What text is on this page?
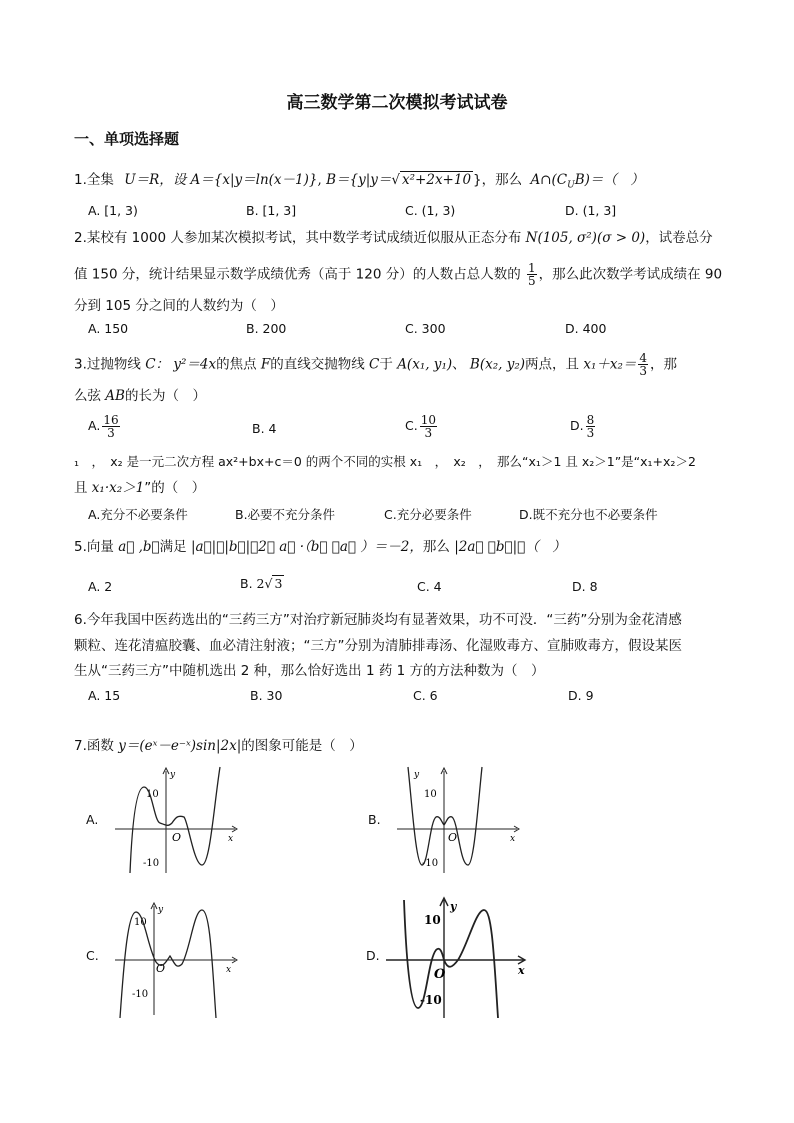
高三数学第二次模拟考试试卷
一、单项选择题
1.全集 U＝R，设 A＝{x|y＝ln(x－1)}, B＝{y|y＝√ x²+2x+10 }，那么 $A\cap(C_UB)=$（　）
A. [1, 3)	B. [1, 3]	C. (1, 3)	D. (1, 3]
2.某校有 1000 人参加某次模拟考试，其中数学考试成绩近似服从正态分布 N(105, σ²)(σ > 0)，试卷总分
值 150 分，统计结果显示数学成绩优秀（高于 120 分）的人数占总人数的 $\frac{1}{5}$ ，那么此次数学考试成绩在 90
分到 105 分之间的人数约为（　）
A. 150	B. 200	C. 300	D. 400
3.过抛物线 C： y²＝4x的焦点 F的直线交抛物线 C于 A(x₁, y₁)、 B(x₂, y₂)两点，且 $x_1+x_2= \frac{4}{3}$ ，那
么弦 AB的长为（　）
A. $\frac{16}{3}$	B. 4	C. $\frac{10}{3}$	D. $\frac{8}{3}$
₁　，　x₂ 是一元二次方程 ax²+bx+c＝0 的两个不同的实根 x₁　，　x₂　，　那么“x₁＞1 且 x₂＞1”是“x₁+x₂＞2
且 x₁·x₂＞1”的（　）
A.充分不必要条件	B.必要不充分条件	C.充分必要条件	D.既不充分也不必要条件
5.向量 a⃗ ,b⃗满足 |a⃗|＝|b⃗|＝2， a⃗ ·（b⃗ －a⃗ ）＝－2，那么 |2a⃗ －b⃗|＝（　）
A. 2	B. 2√ 3	C. 4	D. 8
6.今年我国中医药选出的“三药三方”对治疗新冠肺炎均有显著效果，功不可没．“三药”分别为金花清感
颗粒、连花清瘟胶囊、血必清注射液；“三方”分别为清肺排毒汤、化湿败毒方、宣肺败毒方，假设某医
生从“三药三方”中随机选出 2 种，那么恰好选出 1 药 1 方的方法种数为（　）
A. 15	B. 30	C. 6	D. 9
7.函数 y＝(eˣ－e⁻ˣ)sin|2x|的图象可能是（　）
A.
y
x
O
10
-10
B.
y
x
O
10
-10
C.
y
x
O
10
-10
D.
y
x
O
10
-10
